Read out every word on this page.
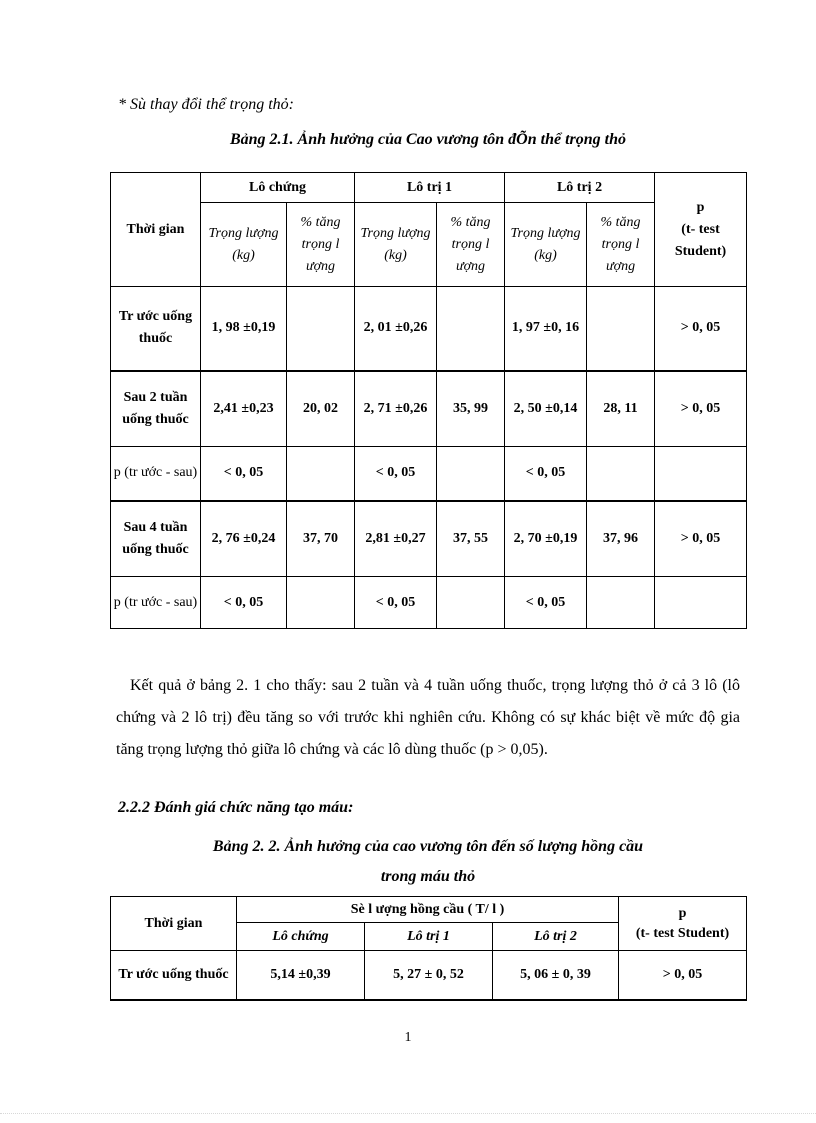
* Sù thay đổi thể trọng thỏ:
Bảng 2.1. Ảnh hưởng của Cao vương tôn đÕn thể trọng thỏ
Thời gian	Lô chứng		Lô trị 1		Lô trị 2		p
(t- test Student)

	Trọng lượng (kg)	% tăng trọng l ượng	Trọng lượng (kg)	% tăng trọng l ượng	Trọng lượng (kg)	% tăng trọng l ượng	
Tr ước uống thuốc	1, 98 ±0,19		2, 01 ±0,26		1, 97 ±0, 16		> 0, 05
Sau 2 tuần uống thuốc	2,41 ±0,23	20, 02	2, 71 ±0,26	35, 99	2, 50 ±0,14	28, 11	> 0, 05
p (tr ước - sau)	< 0, 05		< 0, 05		< 0, 05		
Sau 4 tuần uống thuốc	2, 76 ±0,24	37, 70	2,81 ±0,27	37, 55	2, 70 ±0,19	37, 96	> 0, 05
p (tr ước - sau)	< 0, 05		< 0, 05		< 0, 05		
Kết quả ở bảng 2. 1 cho thấy: sau 2 tuần và 4 tuần uống thuốc, trọng lượng thỏ ở cả 3 lô (lô chứng và 2 lô trị) đều tăng so với trước khi nghiên cứu. Không có sự khác biệt về mức độ gia tăng trọng lượng thỏ giữa lô chứng và các lô dùng thuốc (p > 0,05).
2.2.2 Đánh giá chức năng tạo máu:
Bảng 2. 2. Ảnh hưởng của cao vương tôn đến số lượng hồng cầu
trong máu thỏ
Thời gian	Sè l ượng hồng cầu ( T/ l )			p
(t- test Student)

	Lô chứng	Lô trị 1	Lô trị 2	
Tr ước uống thuốc	5,14 ±0,39	5, 27 ± 0, 52	5, 06 ± 0, 39	> 0, 05
1
